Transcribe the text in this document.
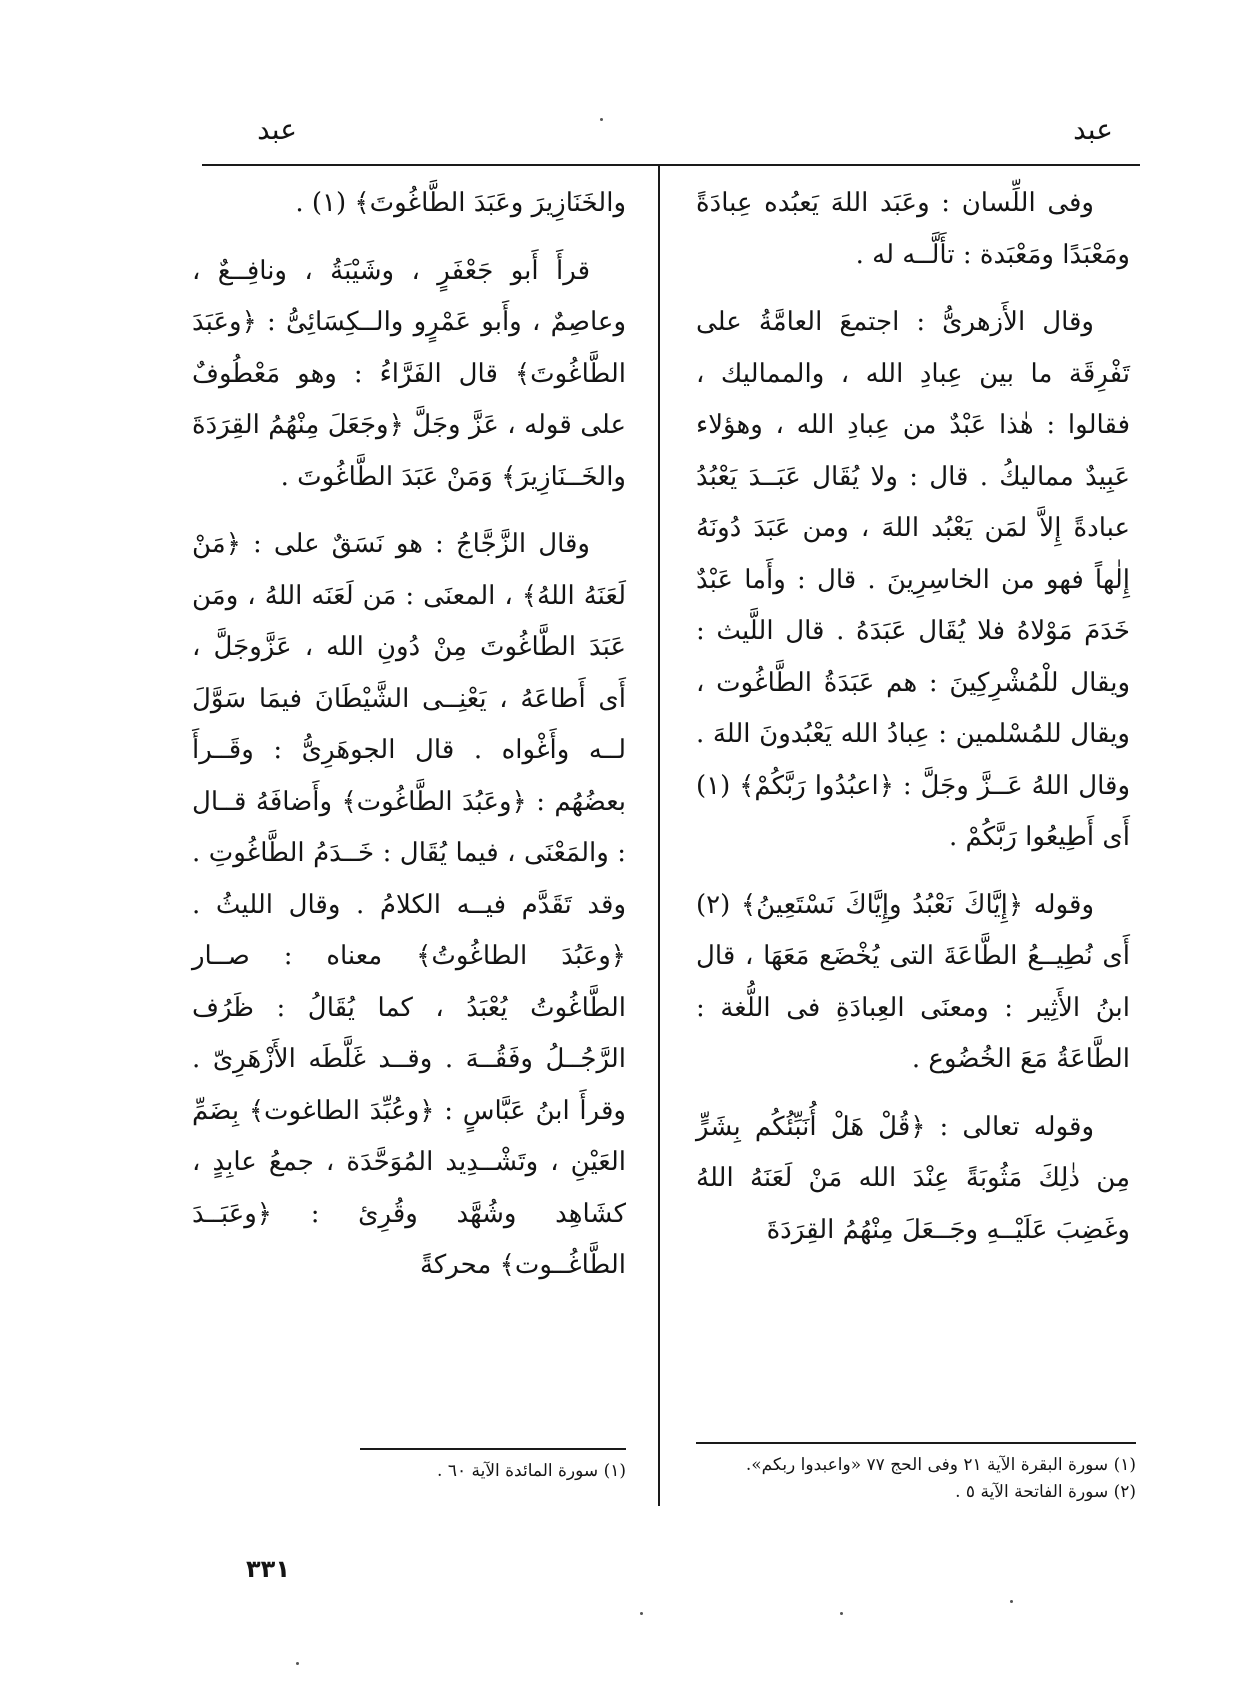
عبد
عبد

وفى اللِّسان : وعَبَد اللهَ يَعبُده عِبادَةً ومَعْبَدًا ومَعْبَدة : تأَلَّــه له .

وقال الأَزهرىُّ : اجتمعَ العامَّةُ على تَفْرِقَة ما بين عِبادِ الله ، والمماليك ، فقالوا : هٰذا عَبْدٌ من عِبادِ الله ، وهؤلاء عَبِيدٌ مماليكُ . قال : ولا يُقَال عَبَــدَ يَعْبُدُ عبادةً إِلاَّ لمَن يَعْبُد اللهَ ، ومن عَبَدَ دُونَهُ إِلٰهاً فهو من الخاسِرِينَ . قال : وأَما عَبْدٌ خَدَمَ مَوْلاهُ فلا يُقَال عَبَدَهُ . قال اللَّيث : ويقال للْمُشْرِكِينَ : هم عَبَدَةُ الطَّاغُوت ، ويقال للمُسْلمين : عِبادُ الله يَعْبُدونَ اللهَ . وقال اللهُ عَــزَّ وجَلَّ : ﴿اعبُدُوا رَبَّكُمْ﴾ (١) أَى أَطِيعُوا رَبَّكُمْ .

وقوله ﴿إِيَّاكَ نَعْبُدُ وإِيَّاكَ نَسْتَعِينُ﴾ (٢) أَى نُطِيــعُ الطَّاعَةَ التى يُخْضَع مَعَهَا ، قال ابنُ الأَثِير : ومعنَى العِبادَةِ فى اللُّغة : الطَّاعَةُ مَعَ الخُضُوع .

وقوله تعالى : ﴿قُلْ هَلْ أُنَبِّئُكُم بِشَرٍّ مِن ذٰلِكَ مَثُوبَةً عِنْدَ الله مَنْ لَعَنَهُ اللهُ وغَضِبَ عَلَيْــهِ وجَــعَلَ مِنْهُمُ القِرَدَةَ

والخَنَازِيرَ وعَبَدَ الطَّاغُوتَ﴾ (١) .

قرأَ أَبو جَعْفَرٍ ، وشَيْبَةُ ، ونافِــعٌ ، وعاصِمٌ ، وأَبو عَمْرٍو والــكِسَائِىُّ : ﴿وعَبَدَ الطَّاغُوتَ﴾ قال الفَرَّاءُ : وهو مَعْطُوفٌ على قوله ، عَزَّ وجَلَّ ﴿وجَعَلَ مِنْهُمُ القِرَدَةَ والخَــنَازِيرَ﴾ وَمَنْ عَبَدَ الطَّاغُوتَ .

وقال الزَّجَّاجُ : هو نَسَقٌ على : ﴿مَنْ لَعَنَهُ اللهُ﴾ ، المعنَى : مَن لَعَنَه اللهُ ، ومَن عَبَدَ الطَّاغُوتَ مِنْ دُونِ الله ، عَزَّوجَلَّ ، أَى أَطاعَهُ ، يَعْنِــى الشَّيْطَانَ فيمَا سَوَّلَ لــه وأَغْواه . قال الجوهَرِىُّ : وقَــرأَ بعضُهُم : ﴿وعَبُدَ الطَّاغُوت﴾ وأَضافَهُ قــال : والمَعْنَى ، فيما يُقَال : خَــدَمُ الطَّاغُوتِ . وقد تَقَدَّم فيــه الكلامُ . وقال الليثُ . ﴿وعَبُدَ الطاغُوتُ﴾ معناه : صــار الطَّاغُوتُ يُعْبَدُ ، كما يُقَالُ : ظَرُف الرَّجُــلُ وفَقُــهَ . وقــد غَلَّطَه الأَزْهَرِىّ . وقرأَ ابنُ عَبَّاسٍ : ﴿وعُبِّدَ الطاغوت﴾ بِضَمِّ العَيْنِ ، وتَشْــدِيد المُوَحَّدَة ، جمعُ عابِدٍ ، كشَاهِد وشُهَّد وقُرِئ : ﴿وعَبَــدَ الطَّاغُــوت﴾ محركةً

(١) سورة البقرة الآية ٢١ وفى الحج ٧٧ «واعبدوا ربكم».
(٢) سورة الفاتحة الآية ٥ .
(١) سورة المائدة الآية ٦٠ .
٣٣١
